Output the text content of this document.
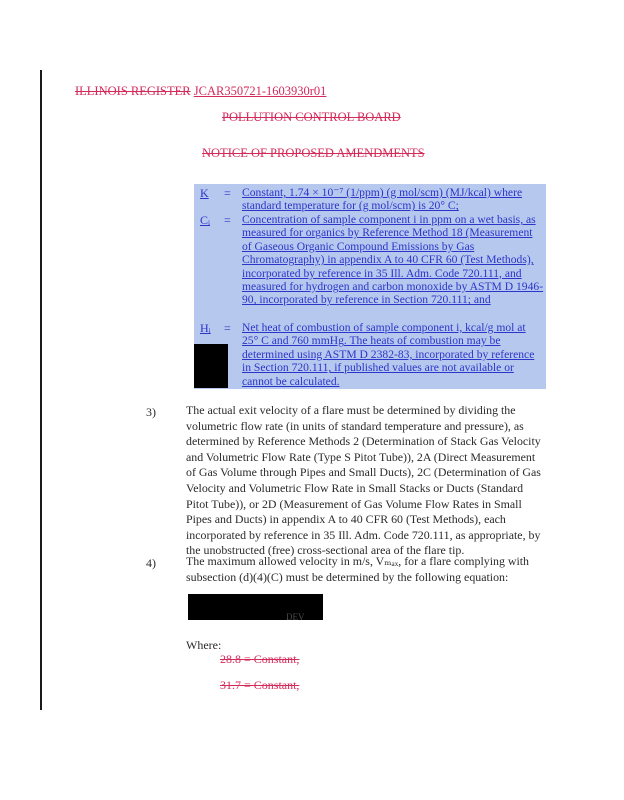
ILLINOIS REGISTER JCAR350721-1603930r01
POLLUTION CONTROL BOARD
NOTICE OF PROPOSED AMENDMENTS
K = Constant, 1.74 × 10⁻⁷ (1/ppm) (g mol/scm) (MJ/kcal) where standard temperature for (g mol/scm) is 20° C;
Cᵢ = Concentration of sample component i in ppm on a wet basis, as measured for organics by Reference Method 18 (Measurement of Gaseous Organic Compound Emissions by Gas Chromatography) in appendix A to 40 CFR 60 (Test Methods), incorporated by reference in 35 Ill. Adm. Code 720.111, and measured for hydrogen and carbon monoxide by ASTM D 1946-90, incorporated by reference in Section 720.111; and
Hᵢ = Net heat of combustion of sample component i, kcal/g mol at 25° C and 760 mmHg. The heats of combustion may be determined using ASTM D 2382-83, incorporated by reference in Section 720.111, if published values are not available or cannot be calculated.
3)	The actual exit velocity of a flare must be determined by dividing the volumetric flow rate (in units of standard temperature and pressure), as determined by Reference Methods 2 (Determination of Stack Gas Velocity and Volumetric Flow Rate (Type S Pitot Tube)), 2A (Direct Measurement of Gas Volume through Pipes and Small Ducts), 2C (Determination of Gas Velocity and Volumetric Flow Rate in Small Stacks or Ducts (Standard Pitot Tube)), or 2D (Measurement of Gas Volume Flow Rates in Small Pipes and Ducts) in appendix A to 40 CFR 60 (Test Methods), each incorporated by reference in 35 Ill. Adm. Code 720.111, as appropriate, by the unobstructed (free) cross-sectional area of the flare tip.
4)	The maximum allowed velocity in m/s, Vₘₐₓ, for a flare complying with subsection (d)(4)(C) must be determined by the following equation:
DEV
Where:
28.8 = Constant,
31.7 = Constant,
